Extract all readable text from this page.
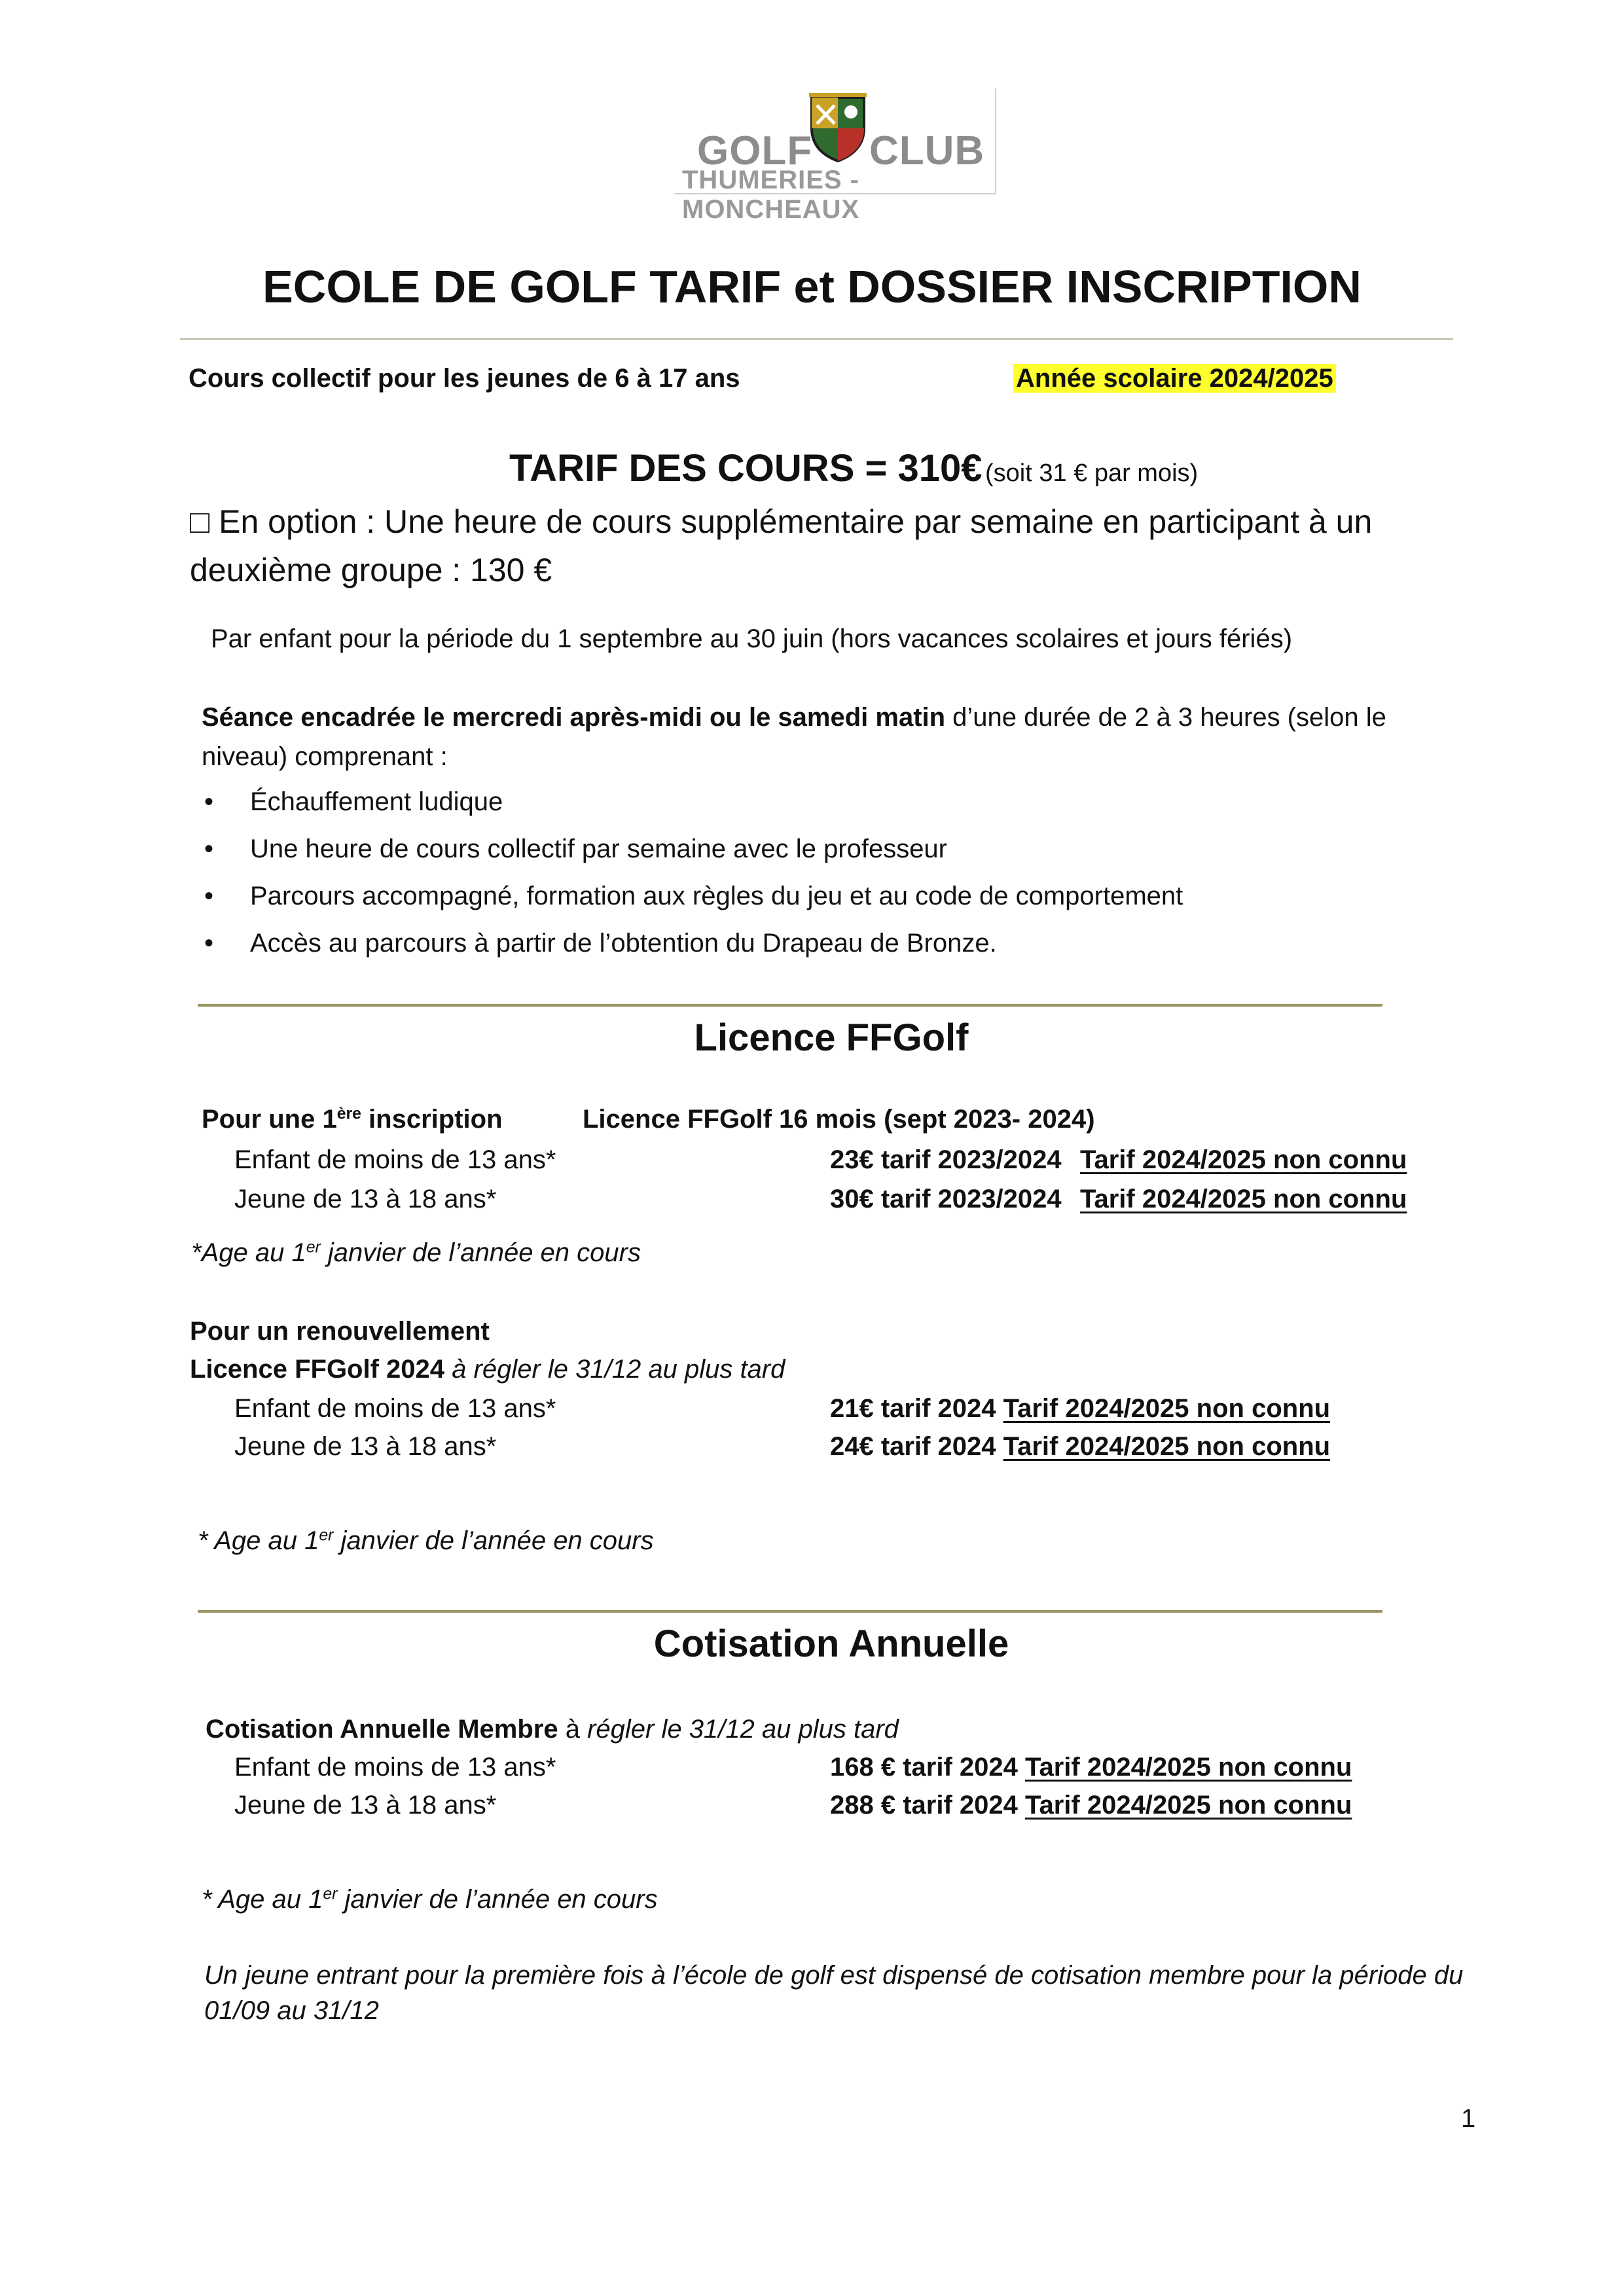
GOLF CLUB
THUMERIES - MONCHEAUX
ECOLE DE GOLF TARIF et DOSSIER INSCRIPTION
Cours collectif pour les jeunes de 6 à 17 ans	Année scolaire 2024/2025
TARIF DES COURS = 310€ (soit 31 € par mois)
□ En option : Une heure de cours supplémentaire par semaine en participant à un
deuxième groupe : 130 €
Par enfant pour la période du 1 septembre au 30 juin (hors vacances scolaires et jours fériés)
Séance encadrée le mercredi après-midi ou le samedi matin d’une durée de 2 à 3 heures (selon le
niveau) comprenant :
• Échauffement ludique
• Une heure de cours collectif par semaine avec le professeur
• Parcours accompagné, formation aux règles du jeu et au code de comportement
• Accès au parcours à partir de l’obtention du Drapeau de Bronze.
Licence FFGolf
Pour une 1ère inscription	Licence FFGolf 16 mois (sept 2023- 2024)
Enfant de moins de 13 ans*	23€ tarif 2023/2024 Tarif 2024/2025 non connu
Jeune de 13 à 18 ans*	30€ tarif 2023/2024 Tarif 2024/2025 non connu
*Age au 1er janvier de l’année en cours
Pour un renouvellement
Licence FFGolf 2024 à régler le 31/12 au plus tard
Enfant de moins de 13 ans*	21€ tarif 2024 Tarif 2024/2025 non connu
Jeune de 13 à 18 ans*	24€ tarif 2024 Tarif 2024/2025 non connu
* Age au 1er janvier de l’année en cours
Cotisation Annuelle
Cotisation Annuelle Membre à régler le 31/12 au plus tard
Enfant de moins de 13 ans*	168 € tarif 2024 Tarif 2024/2025 non connu
Jeune de 13 à 18 ans*	288 € tarif 2024 Tarif 2024/2025 non connu
* Age au 1er janvier de l’année en cours
Un jeune entrant pour la première fois à l’école de golf est dispensé de cotisation membre pour la période du
01/09 au 31/12
1
